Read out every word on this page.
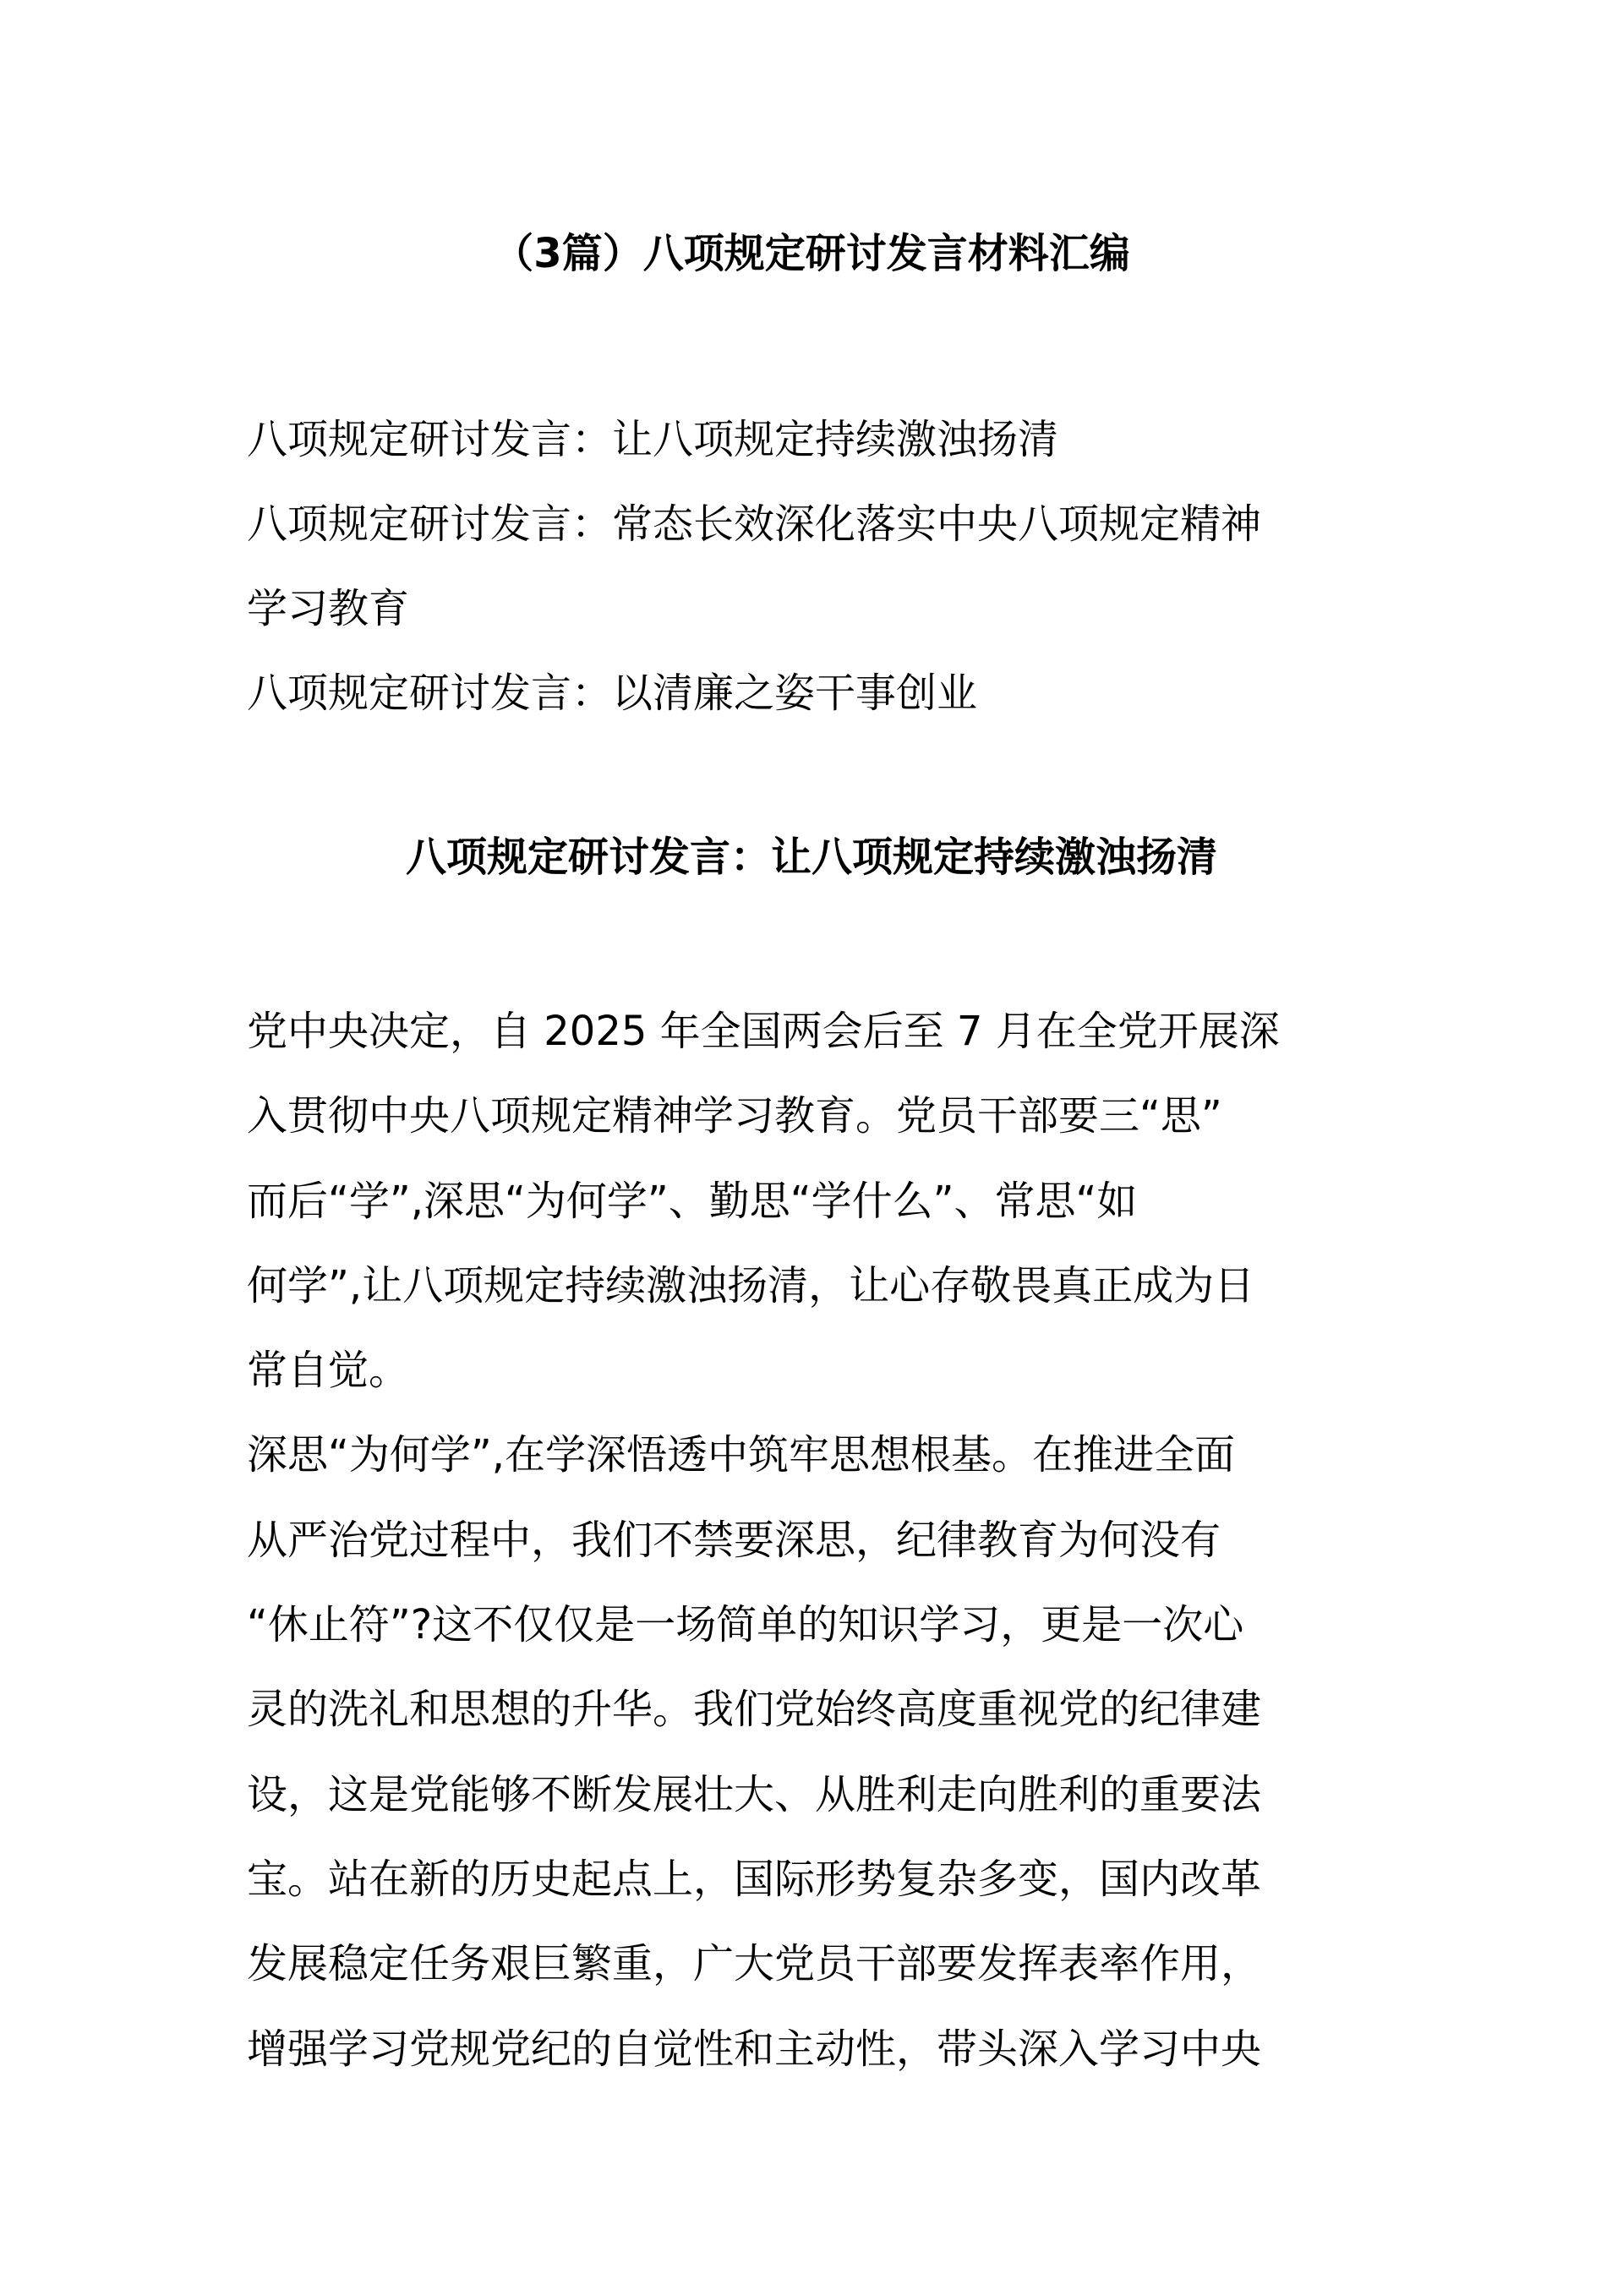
（3篇）八项规定研讨发言材料汇编
八项规定研讨发言：让八项规定持续激浊扬清
八项规定研讨发言：常态长效深化落实中央八项规定精神
学习教育
八项规定研讨发言：以清廉之姿干事创业
八项规定研讨发言：让八项规定持续激浊扬清
党中央决定，自 2025 年全国两会后至 7 月在全党开展深
入贯彻中央八项规定精神学习教育。党员干部要三“思”
而后“学”,深思“为何学”、勤思“学什么”、常思“如
何学”,让八项规定持续激浊扬清，让心存敬畏真正成为日
常自觉。
深思“为何学”,在学深悟透中筑牢思想根基。在推进全面
从严治党过程中，我们不禁要深思，纪律教育为何没有
“休止符”?这不仅仅是一场简单的知识学习，更是一次心
灵的洗礼和思想的升华。我们党始终高度重视党的纪律建
设，这是党能够不断发展壮大、从胜利走向胜利的重要法
宝。站在新的历史起点上，国际形势复杂多变，国内改革
发展稳定任务艰巨繁重，广大党员干部要发挥表率作用，
增强学习党规党纪的自觉性和主动性，带头深入学习中央
